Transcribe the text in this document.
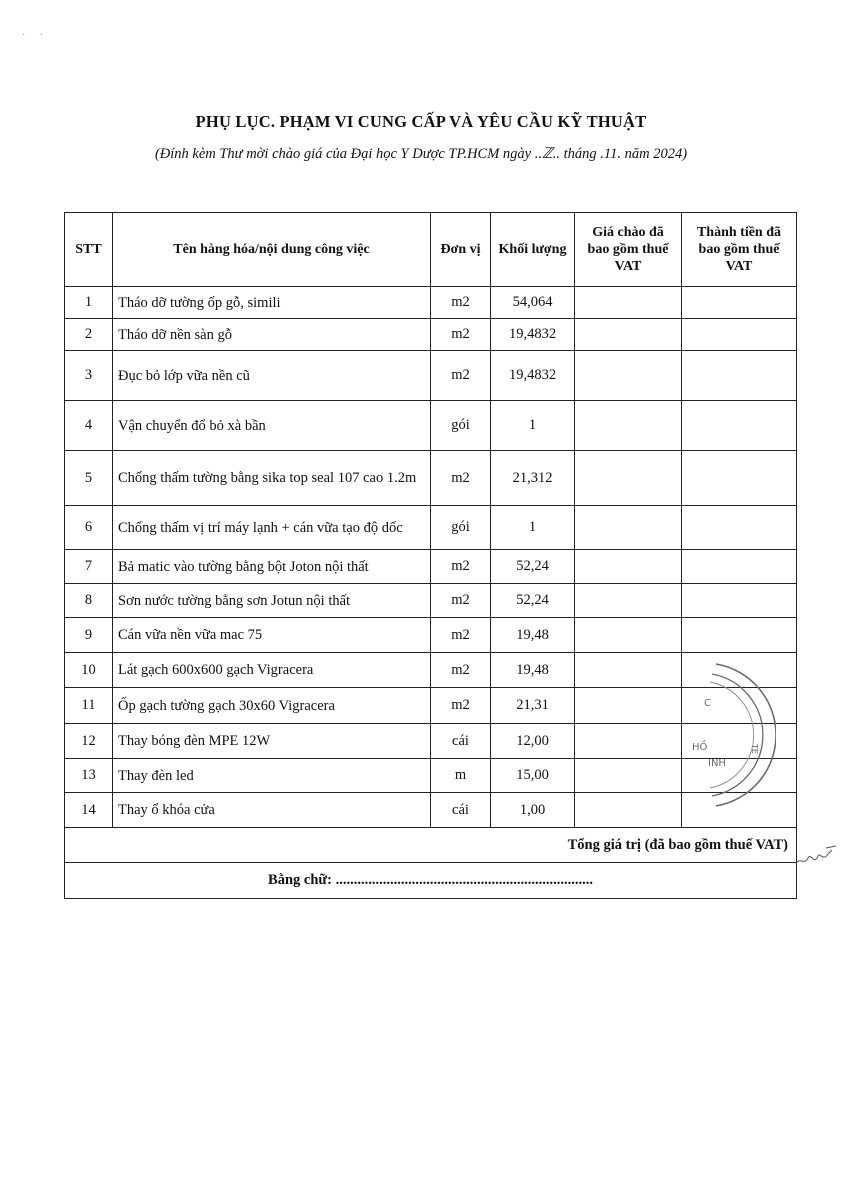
· ·
PHỤ LỤC. PHẠM VI CUNG CẤP VÀ YÊU CẦU KỸ THUẬT
(Đính kèm Thư mời chào giá của Đại học Y Dược TP.HCM ngày ..ℤ.. tháng .11. năm 2024)
STT	Tên hàng hóa/nội dung công việc	Đơn vị	Khối lượng	Giá chào đã bao gồm thuế VAT	Thành tiền đã bao gồm thuế VAT
1	Tháo dỡ tường ốp gỗ, simili	m2	54,064		
2	Tháo dỡ nền sàn gỗ	m2	19,4832		
3	Đục bỏ lớp vữa nền cũ	m2	19,4832		
4	Vận chuyển đổ bỏ xà bần	gói	1		
5	Chống thấm tường bằng sika top seal 107 cao 1.2m	m2	21,312		
6	Chống thấm vị trí máy lạnh + cán vữa tạo độ dốc	gói	1		
7	Bả matic vào tường bằng bột Joton nội thất	m2	52,24		
8	Sơn nước tường bằng sơn Jotun nội thất	m2	52,24		
9	Cán vữa nền vữa mac 75	m2	19,48		
10	Lát gạch 600x600 gạch Vigracera	m2	19,48		
11	Ốp gạch tường gạch 30x60 Vigracera	m2	21,31		
12	Thay bóng đèn MPE 12W	cái	12,00		
13	Thay đèn led	m	15,00		
14	Thay ổ khóa cửa	cái	1,00		
Tổng giá trị (đã bao gồm thuế VAT)					
Bằng chữ: .......................................................................					
C
HỒ
INH
TE
